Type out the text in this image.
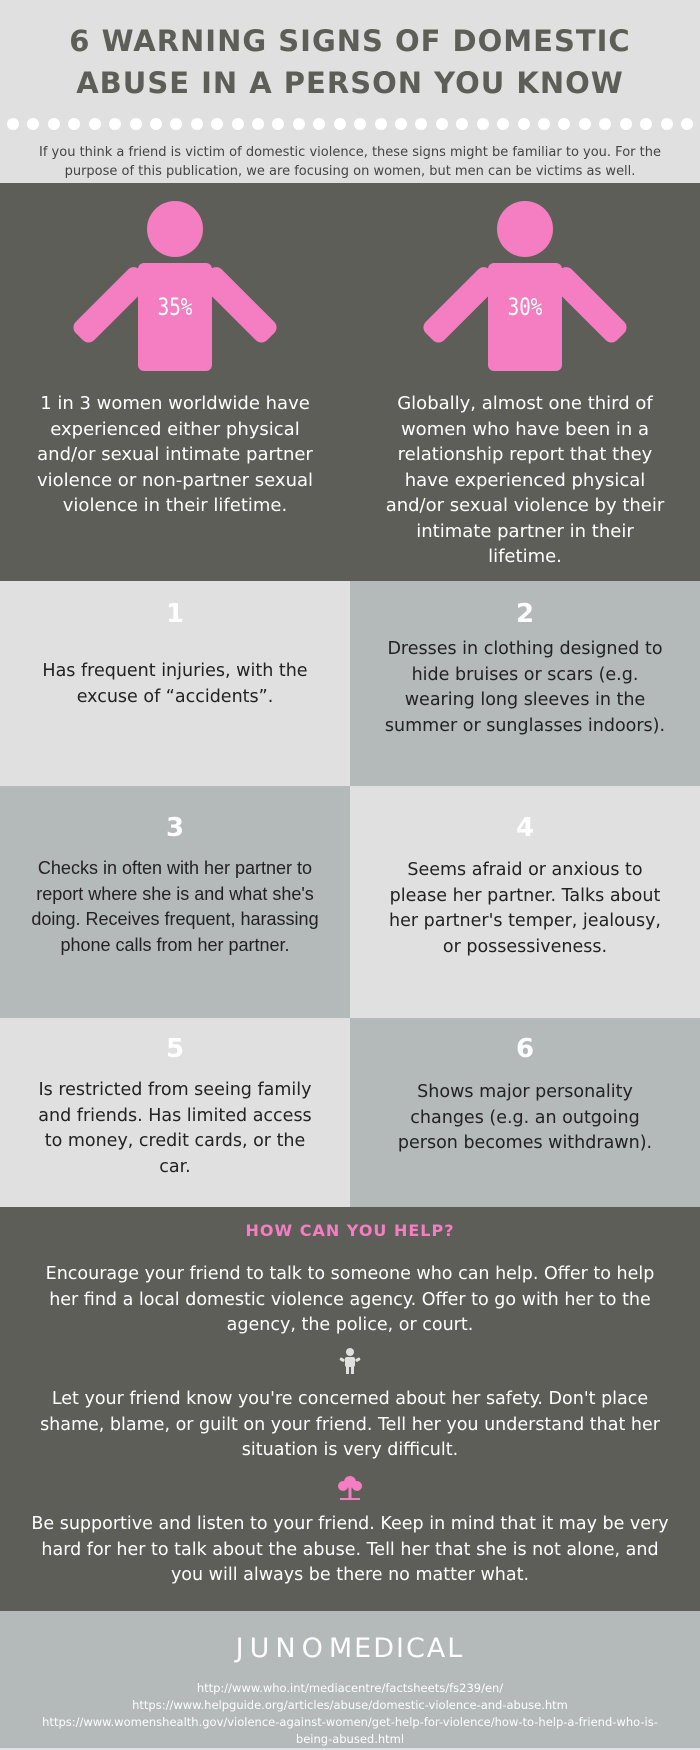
6 WARNING SIGNS OF DOMESTIC
ABUSE IN A PERSON YOU KNOW

If you think a friend is victim of domestic violence, these signs might be familiar to you. For the purpose of this publication, we are focusing on women, but men can be victims as well.

35%

1 in 3 women worldwide have experienced either physical and/or sexual intimate partner violence or non-partner sexual violence in their lifetime.

30%

Globally, almost one third of women who have been in a relationship report that they have experienced physical and/or sexual violence by their intimate partner in their lifetime.

1

Has frequent injuries, with the excuse of “accidents”.

2

Dresses in clothing designed to hide bruises or scars (e.g. wearing long sleeves in the summer or sunglasses indoors).

3

Checks in often with her partner to report where she is and what she's doing. Receives frequent, harassing phone calls from her partner.

4

Seems afraid or anxious to please her partner. Talks about her partner's temper, jealousy, or possessiveness.

5

Is restricted from seeing family and friends. Has limited access to money, credit cards, or the car.

6

Shows major personality changes (e.g. an outgoing person becomes withdrawn).

HOW CAN YOU HELP?

Encourage your friend to talk to someone who can help. Offer to help her find a local domestic violence agency. Offer to go with her to the agency, the police, or court.

Let your friend know you're concerned about her safety. Don't place shame, blame, or guilt on your friend. Tell her you understand that her situation is very difficult.

Be supportive and listen to your friend. Keep in mind that it may be very hard for her to talk about the abuse. Tell her that she is not alone, and you will always be there no matter what.

JUNOMEDICAL
http://www.who.int/mediacentre/factsheets/fs239/en/
https://www.helpguide.org/articles/abuse/domestic-violence-and-abuse.htm
https://www.womenshealth.gov/violence-against-women/get-help-for-violence/how-to-help-a-friend-who-is-being-abused.html
